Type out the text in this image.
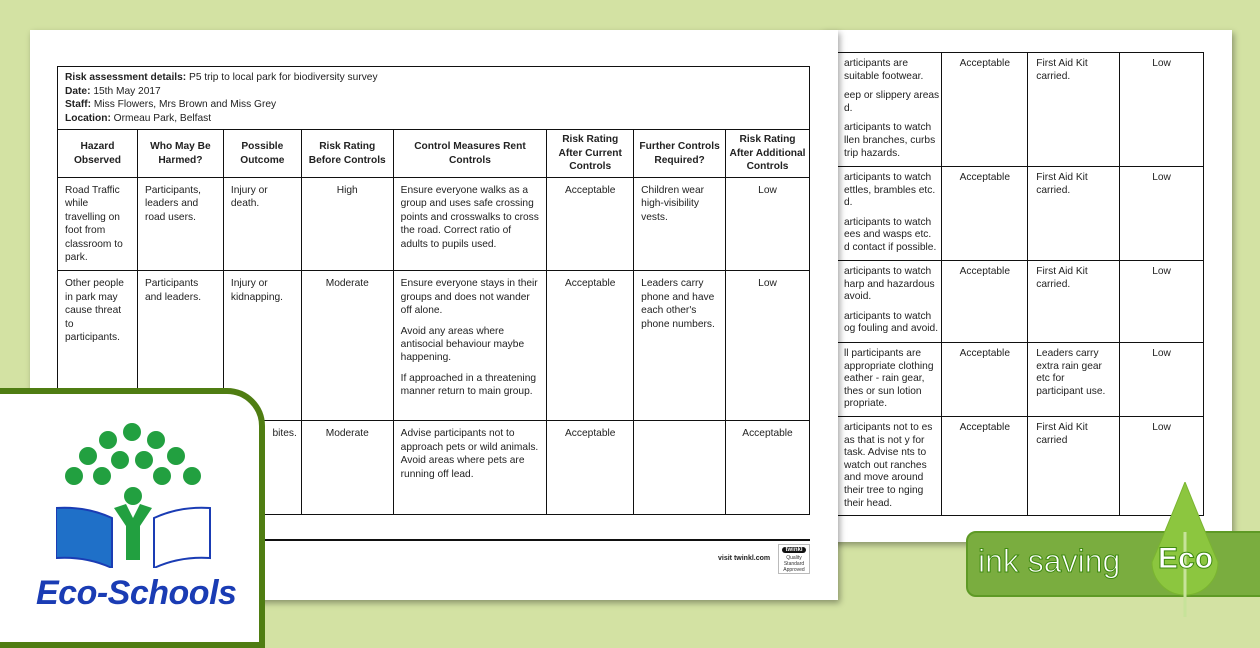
articipants are suitable footwear.

eep or slippery areas d.

articipants to watch llen branches, curbs trip hazards.	Acceptable	First Aid Kit carried.	Low

articipants to watch ettles, brambles etc. d.

articipants to watch ees and wasps etc. d contact if possible.	Acceptable	First Aid Kit carried.	Low

articipants to watch harp and hazardous avoid.

articipants to watch og fouling and avoid.	Acceptable	First Aid Kit carried.	Low

ll participants are appropriate clothing eather - rain gear, thes or sun lotion propriate.	Acceptable	Leaders carry extra rain gear etc for participant use.	Low

articipants not to es as that is not y for task. Advise nts to watch out ranches and move around their tree to nging their head.	Acceptable	First Aid Kit carried	Low
Risk assessment details: P5 trip to local park for biodiversity survey
Date: 15th May 2017
Staff: Miss Flowers, Mrs Brown and Miss Grey
Location: Ormeau Park, Belfast							

Hazard Observed	Who May Be Harmed?	Possible Outcome	Risk Rating Before Controls	Control Measures Rent Controls	Risk Rating After Current Controls	Further Controls Required?	Risk Rating After Additional Controls
Road Traffic while travelling on foot from classroom to park.	Participants, leaders and road users.	Injury or death.	High	Ensure everyone walks as a group and uses safe crossing points and crosswalks to cross the road. Correct ratio of adults to pupils used.	Acceptable	Children wear high-visibility vests.	Low
Other people in park may cause threat to participants.	Participants and leaders.	Injury or kidnapping.	Moderate	Ensure everyone stays in their groups and does not wander off alone.

Avoid any areas where antisocial behaviour maybe happening.

If approached in a threatening manner return to main group.	Acceptable	Leaders carry phone and have each other's phone numbers.	Low
		bites.	Moderate	Advise participants not to approach pets or wild animals. Avoid areas where pets are running off lead.	Acceptable		Acceptable
visit twinkl.com
twinkl
Quality Standard Approved
Eco-Schools
ink saving Eco
